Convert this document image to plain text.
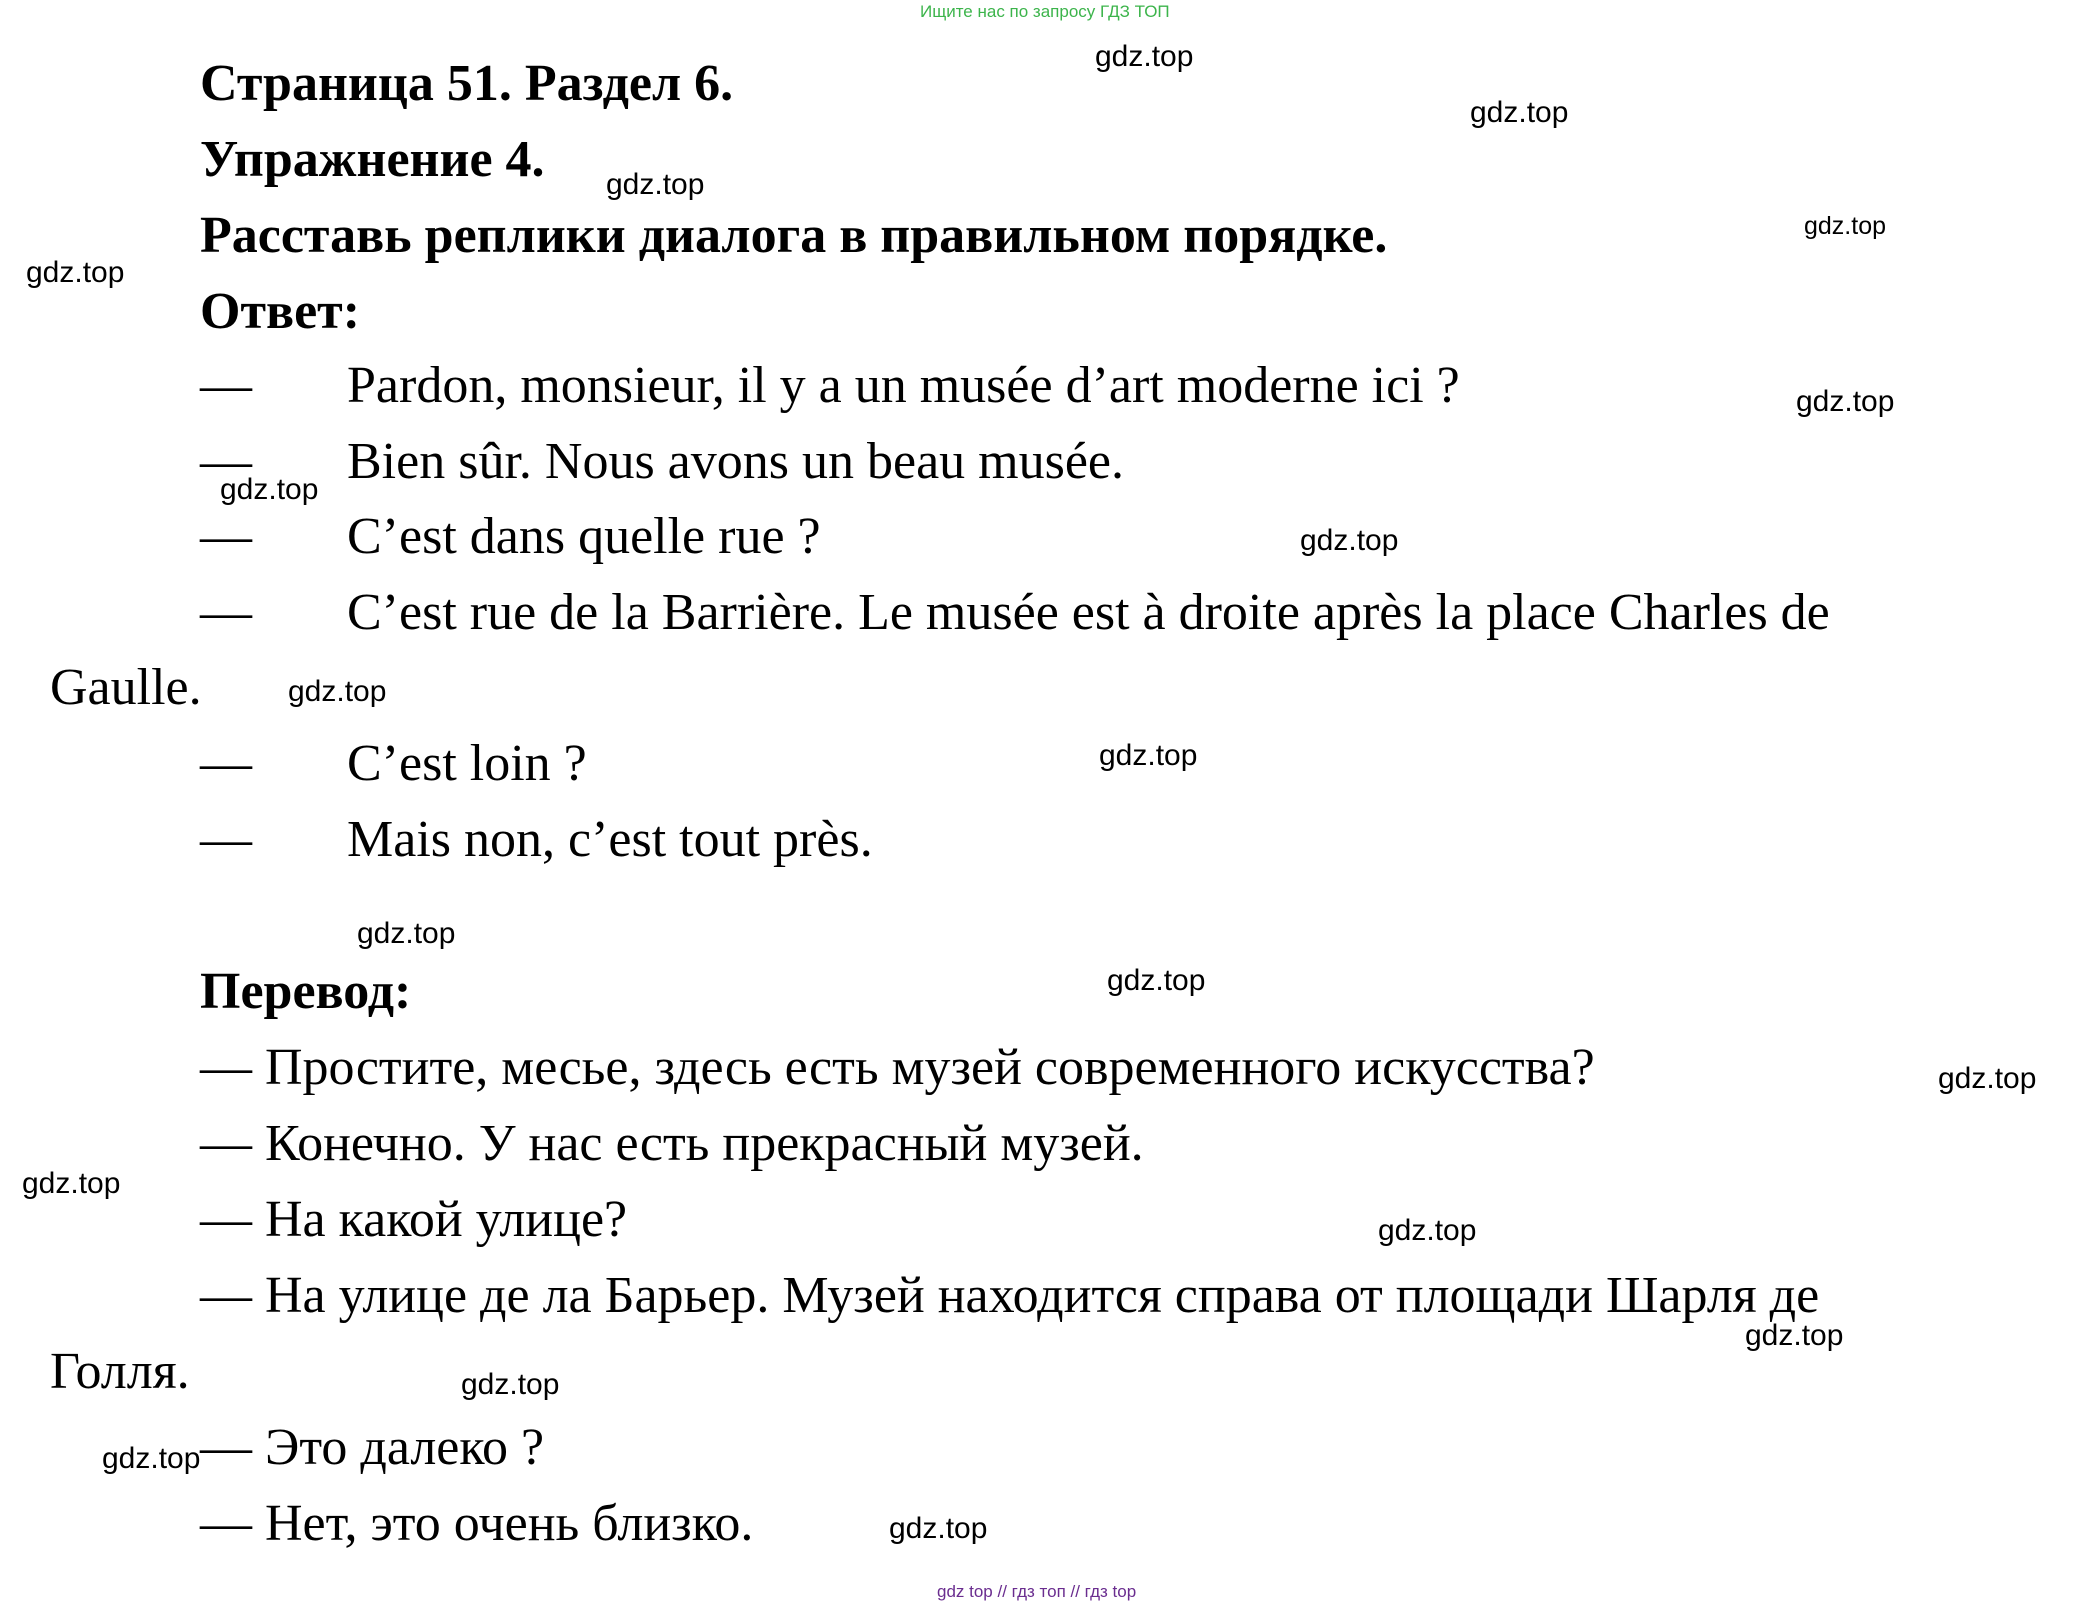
Ищите нас по запросу ГДЗ ТОП
Страница 51. Раздел 6.
Упражнение 4.
Расставь реплики диалога в правильном порядке.
Ответ:
— Pardon, monsieur, il y a un musée d’art moderne ici ?
— Bien sûr. Nous avons un beau musée.
— C’est dans quelle rue ?
— C’est rue de la Barrière. Le musée est à droite après la place Charles de
Gaulle.
— C’est loin ?
— Mais non, c’est tout près.
Перевод:
— Простите, месье, здесь есть музей современного искусства?
— Конечно. У нас есть прекрасный музей.
— На какой улице?
— На улице де ла Барьер. Музей находится справа от площади Шарля де
Голля.
— Это далеко ?
— Нет, это очень близко.
gdz.top
gdz.top
gdz.top
gdz.top
gdz.top
gdz.top
gdz.top
gdz.top
gdz.top
gdz.top
gdz.top
gdz.top
gdz.top
gdz.top
gdz.top
gdz.top
gdz.top
gdz.top
gdz.top
gdz top // гдз топ // гдз top
